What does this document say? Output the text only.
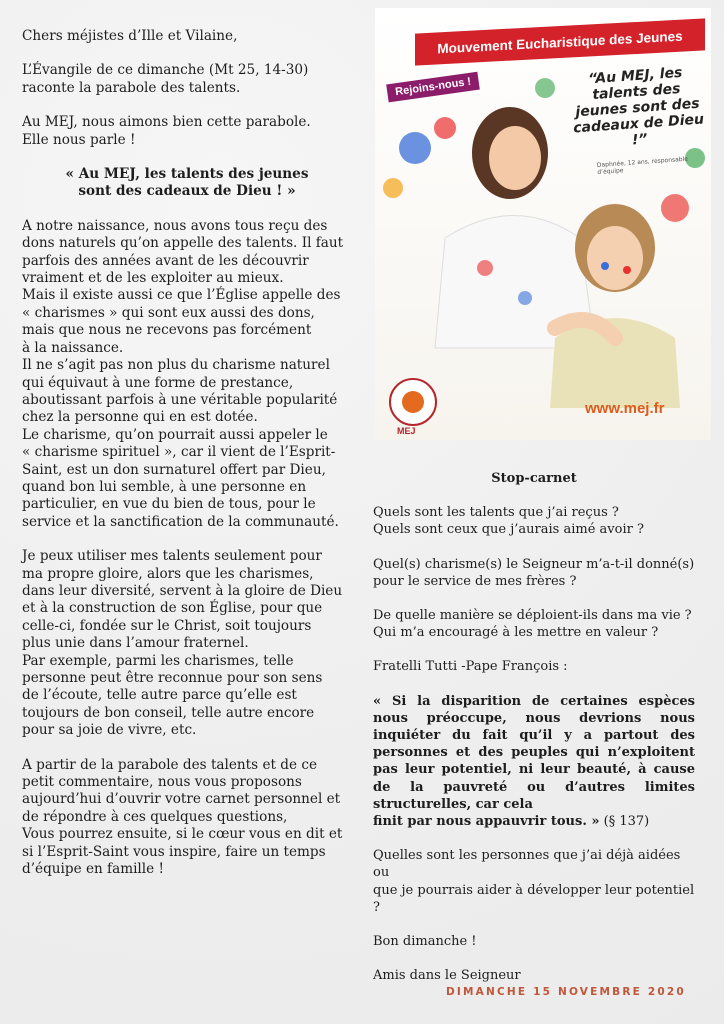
Chers méjistes d’Ille et Vilaine,

L’Évangile de ce dimanche (Mt 25, 14-30)

raconte la parabole des talents.

Au MEJ, nous aimons bien cette parabole.

Elle nous parle !

« Au MEJ, les talents des jeunes

sont des cadeaux de Dieu ! »

A notre naissance, nous avons tous reçu des

dons naturels qu’on appelle des talents. Il faut

parfois des années avant de les découvrir

vraiment et de les exploiter au mieux.

Mais il existe aussi ce que l’Église appelle des

« charismes » qui sont eux aussi des dons,

mais que nous ne recevons pas forcément

à la naissance.

Il ne s’agit pas non plus du charisme naturel

qui équivaut à une forme de prestance,

aboutissant parfois à une véritable popularité

chez la personne qui en est dotée.

Le charisme, qu’on pourrait aussi appeler le

« charisme spirituel », car il vient de l’Esprit-

Saint, est un don surnaturel offert par Dieu,

quand bon lui semble, à une personne en

particulier, en vue du bien de tous, pour le

service et la sanctification de la communauté.

Je peux utiliser mes talents seulement pour

ma propre gloire, alors que les charismes,

dans leur diversité, servent à la gloire de Dieu

et à la construction de son Église, pour que

celle-ci, fondée sur le Christ, soit toujours

plus unie dans l’amour fraternel.

Par exemple, parmi les charismes, telle

personne peut être reconnue pour son sens

de l’écoute, telle autre parce qu’elle est

toujours de bon conseil, telle autre encore

pour sa joie de vivre, etc.

A partir de la parabole des talents et de ce

petit commentaire, nous vous proposons

aujourd’hui d’ouvrir votre carnet personnel et

de répondre à ces quelques questions,

Vous pourrez ensuite, si le cœur vous en dit et

si l’Esprit-Saint vous inspire, faire un temps

d’équipe en famille !

Mouvement Eucharistique des Jeunes
Rejoins-nous !	“Au MEJ, les talents des jeunes sont des cadeaux de Dieu !”
Daphnée, 12 ans, responsable d’équipe
MEJ
www.mej.fr

Stop-carnet

Quels sont les talents que j’ai reçus ?

Quels sont ceux que j’aurais aimé avoir ?

Quel(s) charisme(s) le Seigneur m’a-t-il donné(s)

pour le service de mes frères ?

De quelle manière se déploient-ils dans ma vie ?

Qui m’a encouragé à les mettre en valeur ?

Fratelli Tutti -Pape François :

« Si la disparition de certaines espèces nous préoccupe, nous devrions nous inquiéter du fait qu’il y a partout des personnes et des peuples qui n’exploitent pas leur potentiel, ni leur beauté, à cause de la pauvreté ou d’autres limites structurelles, car cela

finit par nous appauvrir tous. » (§ 137)

Quelles sont les personnes que j’ai déjà aidées ou

que je pourrais aider à développer leur potentiel ?

Bon dimanche !

Amis dans le Seigneur

DIMANCHE 15 NOVEMBRE 2020
